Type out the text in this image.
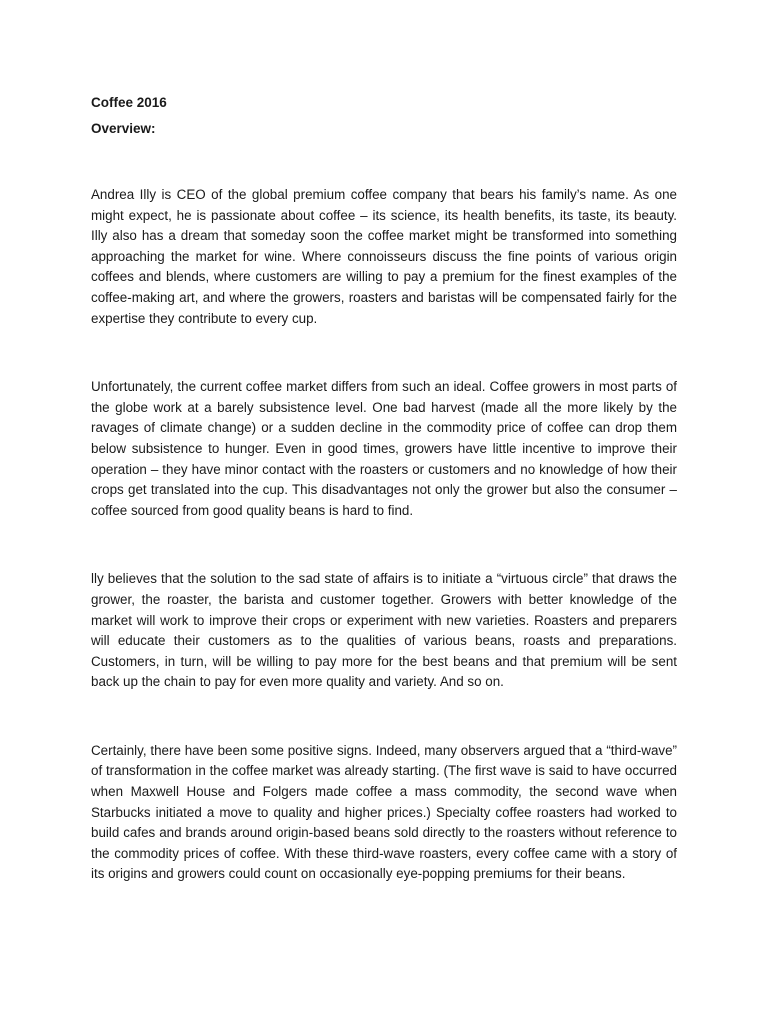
Coffee 2016

Overview:

Andrea Illy is CEO of the global premium coffee company that bears his family’s name. As one might expect, he is passionate about coffee – its science, its health benefits, its taste, its beauty. Illy also has a dream that someday soon the coffee market might be transformed into something approaching the market for wine. Where connoisseurs discuss the fine points of various origin coffees and blends, where customers are willing to pay a premium for the finest examples of the coffee-making art, and where the growers, roasters and baristas will be compensated fairly for the expertise they contribute to every cup.

Unfortunately, the current coffee market differs from such an ideal. Coffee growers in most parts of the globe work at a barely subsistence level. One bad harvest (made all the more likely by the ravages of climate change) or a sudden decline in the commodity price of coffee can drop them below subsistence to hunger. Even in good times, growers have little incentive to improve their operation – they have minor contact with the roasters or customers and no knowledge of how their crops get translated into the cup. This disadvantages not only the grower but also the consumer – coffee sourced from good quality beans is hard to find.

lly believes that the solution to the sad state of affairs is to initiate a “virtuous circle” that draws the grower, the roaster, the barista and customer together. Growers with better knowledge of the market will work to improve their crops or experiment with new varieties. Roasters and preparers will educate their customers as to the qualities of various beans, roasts and preparations. Customers, in turn, will be willing to pay more for the best beans and that premium will be sent back up the chain to pay for even more quality and variety. And so on.

Certainly, there have been some positive signs. Indeed, many observers argued that a “third-wave” of transformation in the coffee market was already starting. (The first wave is said to have occurred when Maxwell House and Folgers made coffee a mass commodity, the second wave when Starbucks initiated a move to quality and higher prices.) Specialty coffee roasters had worked to build cafes and brands around origin-based beans sold directly to the roasters without reference to the commodity prices of coffee. With these third-wave roasters, every coffee came with a story of its origins and growers could count on occasionally eye-popping premiums for their beans.
